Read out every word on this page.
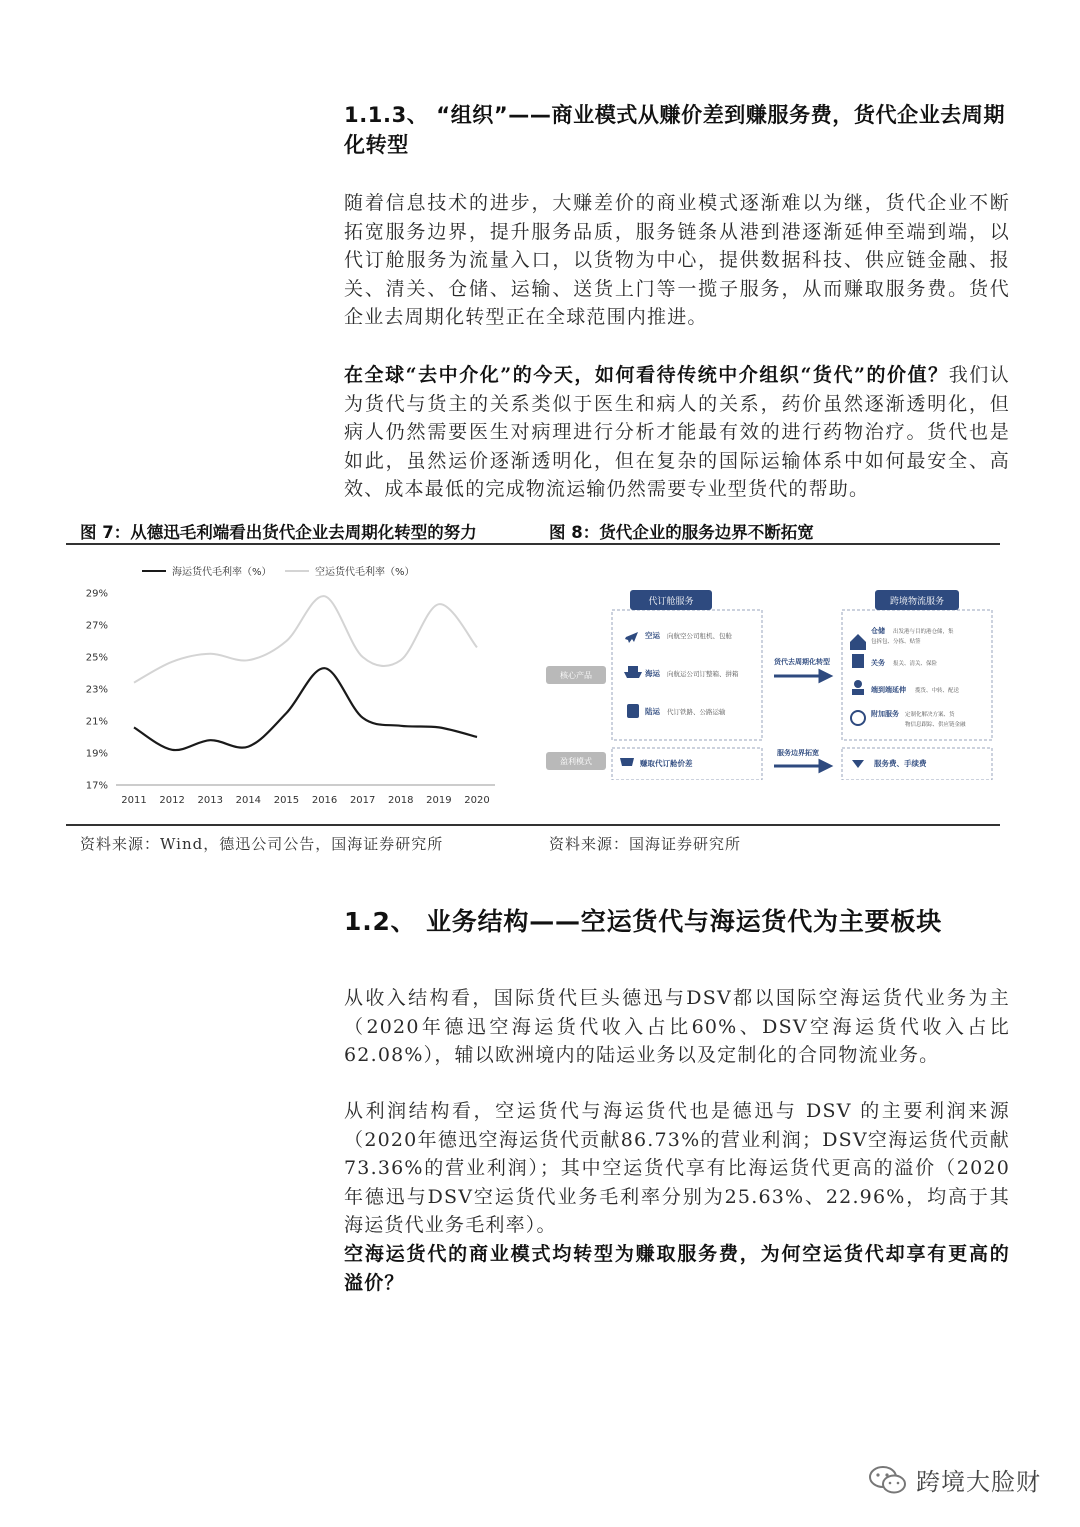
1.1.3、 “组织”——商业模式从赚价差到赚服务费，货代企业去周期
化转型
随着信息技术的进步，大赚差价的商业模式逐渐难以为继，货代企业不断拓宽服务边界，提升服务品质，服务链条从港到港逐渐延伸至端到端，以代订舱服务为流量入口，以货物为中心，提供数据科技、供应链金融、报关、清关、仓储、运输、送货上门等一揽子服务，从而赚取服务费。货代企业去周期化转型正在全球范围内推进。
在全球“去中介化”的今天，如何看待传统中介组织“货代”的价值？我们认为货代与货主的关系类似于医生和病人的关系，药价虽然逐渐透明化，但病人仍然需要医生对病理进行分析才能最有效的进行药物治疗。货代也是如此，虽然运价逐渐透明化，但在复杂的国际运输体系中如何最安全、高效、成本最低的完成物流运输仍然需要专业型货代的帮助。
图 7：从德迅毛利端看出货代企业去周期化转型的努力	图 8：货代企业的服务边界不断拓宽
海运货代毛利率（%）	空运货代毛利率（%）
17%
19%
21%
23%
25%
27%
29%
2011 2012 2013 2014 2015 2016 2017 2018 2019 2020
代订舱服务
空运 向航空公司租机、包舱
海运 向航运公司订整箱、拼箱
陆运 代订铁路、公路运输
核心产品
盈利模式	赚取代订舱价差
货代去周期化转型
服务边界拓宽
跨境物流服务
仓储 出发港与目的港仓储，集
包拆包、分拣、贴签
关务 报关、清关、保险
端到端延伸 揽货、中转、配送
附加服务 定制化解决方案、货
物信息跟踪、供应链金融
服务费、手续费
资料来源：Wind，德迅公司公告，国海证券研究所	资料来源：国海证券研究所
1.2、 业务结构——空运货代与海运货代为主要板块
从收入结构看，国际货代巨头德迅与DSV都以国际空海运货代业务为主（2020年德迅空海运货代收入占比60%、DSV空海运货代收入占比62.08%），辅以欧洲境内的陆运业务以及定制化的合同物流业务。
从利润结构看，空运货代与海运货代也是德迅与 DSV 的主要利润来源（2020年德迅空海运货代贡献86.73%的营业利润；DSV空海运货代贡献73.36%的营业利润）；其中空运货代享有比海运货代更高的溢价（2020年德迅与DSV空运货代业务毛利率分别为25.63%、22.96%，均高于其海运货代业务毛利率）。
空海运货代的商业模式均转型为赚取服务费，为何空运货代却享有更高的溢价？
跨境大脸财
